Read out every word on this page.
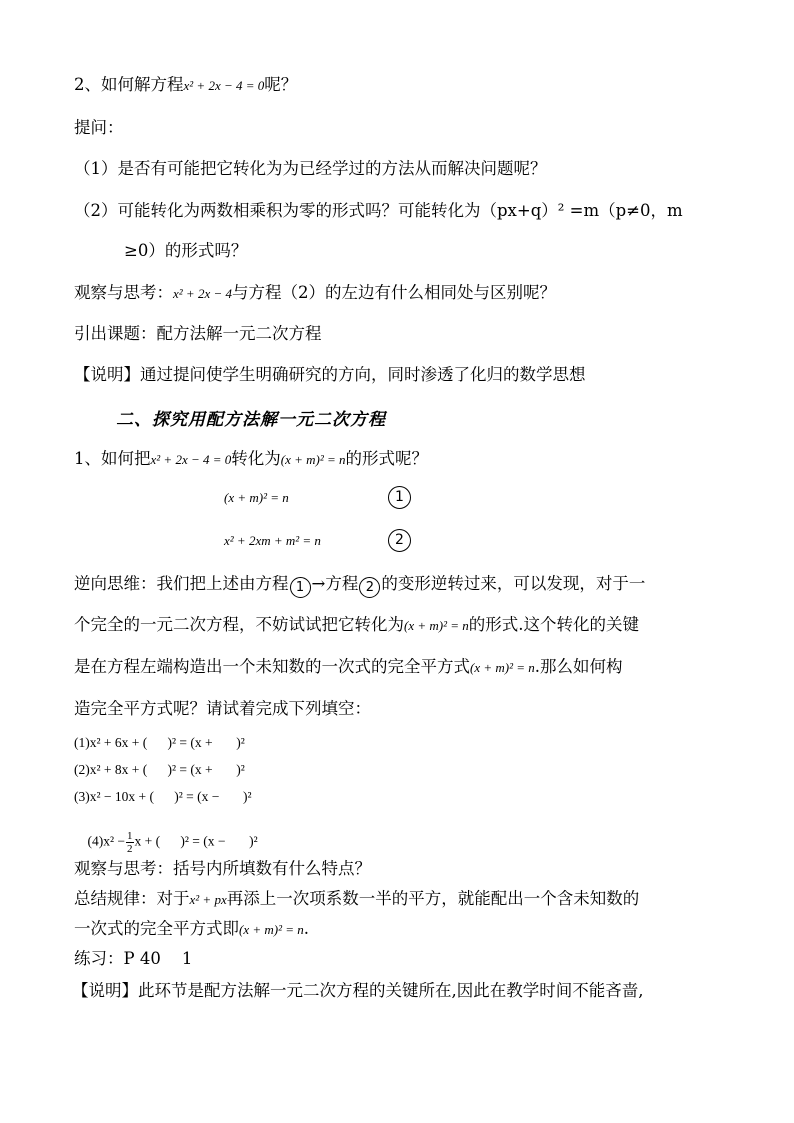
2、如何解方程x² + 2x − 4 = 0呢？
提问：
（1）是否有可能把它转化为为已经学过的方法从而解决问题呢？
（2）可能转化为两数相乘积为零的形式吗？可能转化为（px+q）² =m（p≠0，m
≥0）的形式吗？
观察与思考：x² + 2x − 4与方程（2）的左边有什么相同处与区别呢？
引出课题：配方法解一元二次方程
【说明】通过提问使学生明确研究的方向，同时渗透了化归的数学思想
二、探究用配方法解一元二次方程
1、如何把x² + 2x − 4 = 0转化为(x + m)² = n的形式呢？
(x + m)² = n	1
x² + 2xm + m² = n	2
逆向思维：我们把上述由方程 1 →方程 2 的变形逆转过来，可以发现，对于一
个完全的一元二次方程，不妨试试把它转化为(x + m)² = n的形式.这个转化的关键
是在方程左端构造出一个未知数的一次式的完全平方式(x + m)² = n.那么如何构
造完全平方式呢？请试着完成下列填空：
(1)x² + 6x + (      )² = (x +       )²
(2)x² + 8x + (      )² = (x +       )²
(3)x² − 10x + (      )² = (x −       )²

$(4)x^2 - \frac{1}{2}$ x + (      )² = (x −       )²

观察与思考：括号内所填数有什么特点？
总结规律：对于x² + px再添上一次项系数一半的平方，就能配出一个含未知数的
一次式的完全平方式即(x + m)² = n.
练习：P 40    1
【说明】此环节是配方法解一元二次方程的关键所在,因此在教学时间不能吝啬,
